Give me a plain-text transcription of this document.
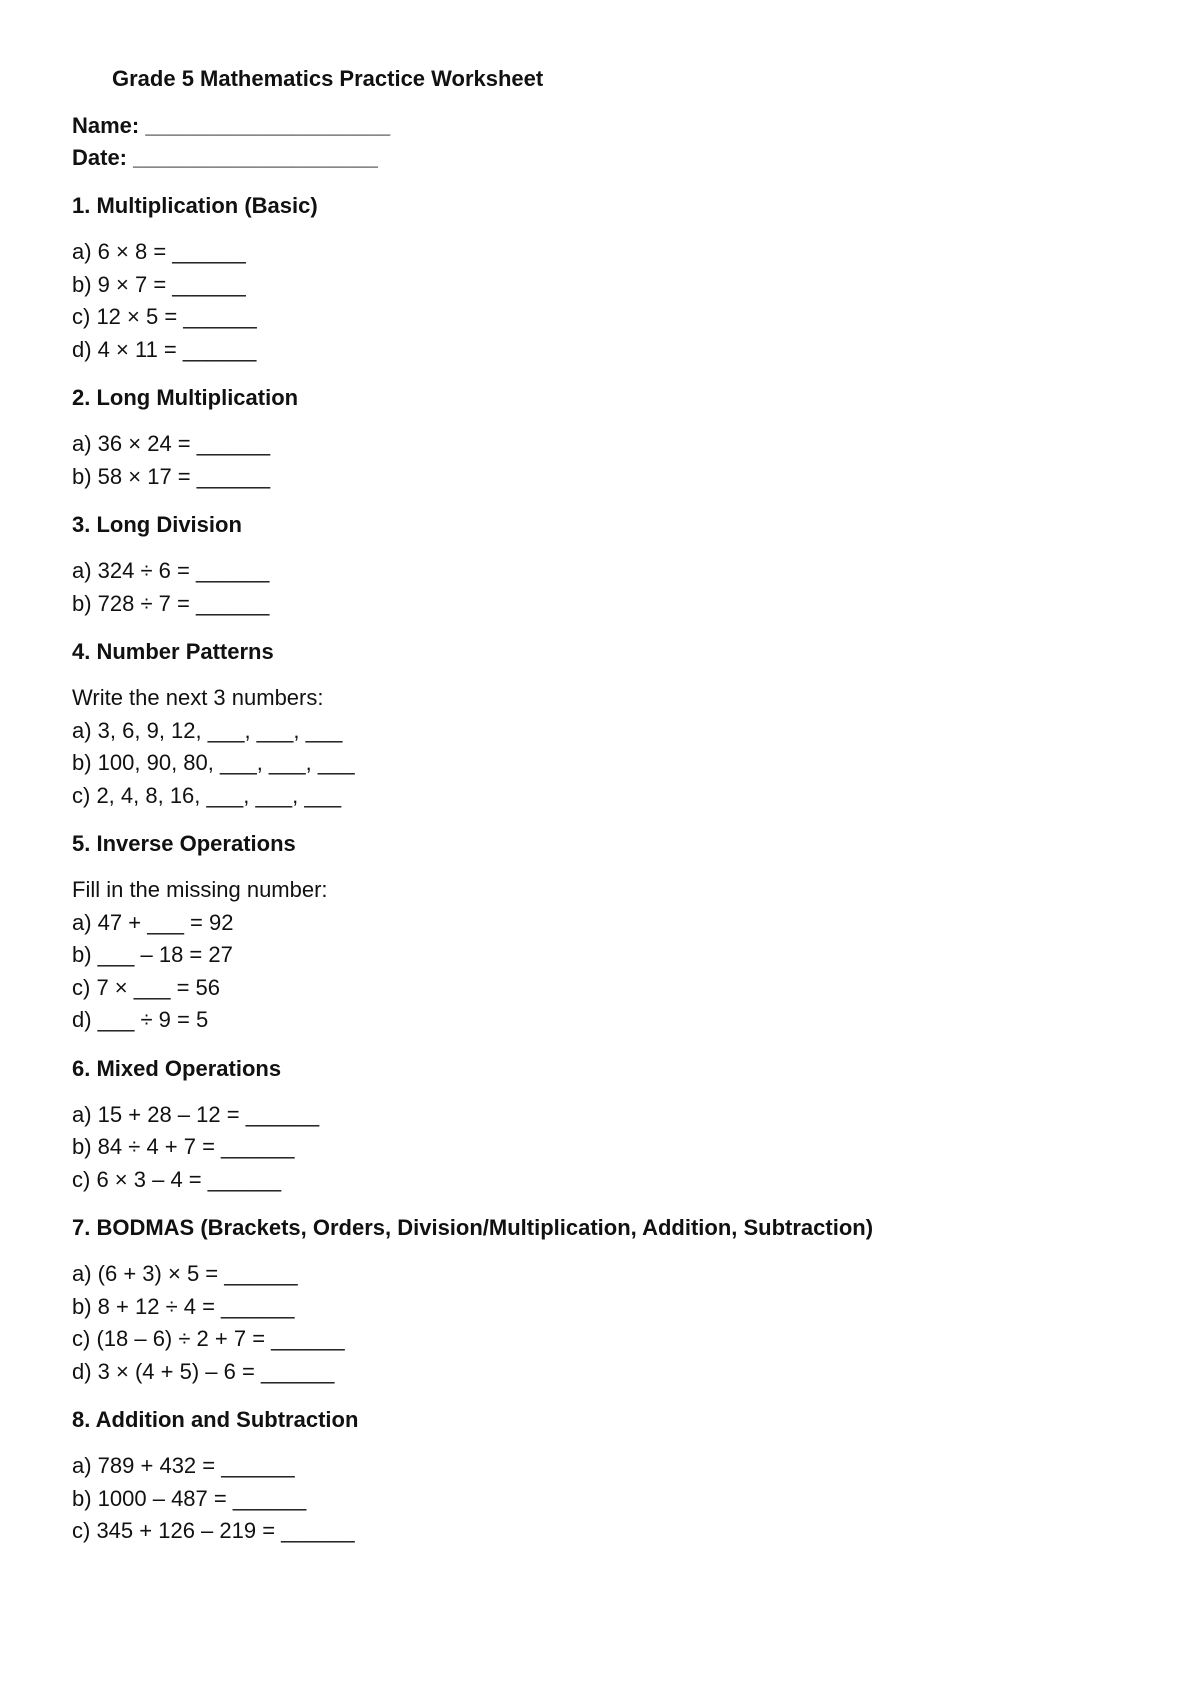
Grade 5 Mathematics Practice Worksheet
Name: ____________________
Date: ____________________
1. Multiplication (Basic)
a) 6 × 8 = ______
b) 9 × 7 = ______
c) 12 × 5 = ______
d) 4 × 11 = ______
2. Long Multiplication
a) 36 × 24 = ______
b) 58 × 17 = ______
3. Long Division
a) 324 ÷ 6 = ______
b) 728 ÷ 7 = ______
4. Number Patterns
Write the next 3 numbers:
a) 3, 6, 9, 12, ___, ___, ___
b) 100, 90, 80, ___, ___, ___
c) 2, 4, 8, 16, ___, ___, ___
5. Inverse Operations
Fill in the missing number:
a) 47 + ___ = 92
b) ___ – 18 = 27
c) 7 × ___ = 56
d) ___ ÷ 9 = 5
6. Mixed Operations
a) 15 + 28 – 12 = ______
b) 84 ÷ 4 + 7 = ______
c) 6 × 3 – 4 = ______
7. BODMAS (Brackets, Orders, Division/Multiplication, Addition, Subtraction)
a) (6 + 3) × 5 = ______
b) 8 + 12 ÷ 4 = ______
c) (18 – 6) ÷ 2 + 7 = ______
d) 3 × (4 + 5) – 6 = ______
8. Addition and Subtraction
a) 789 + 432 = ______
b) 1000 – 487 = ______
c) 345 + 126 – 219 = ______
